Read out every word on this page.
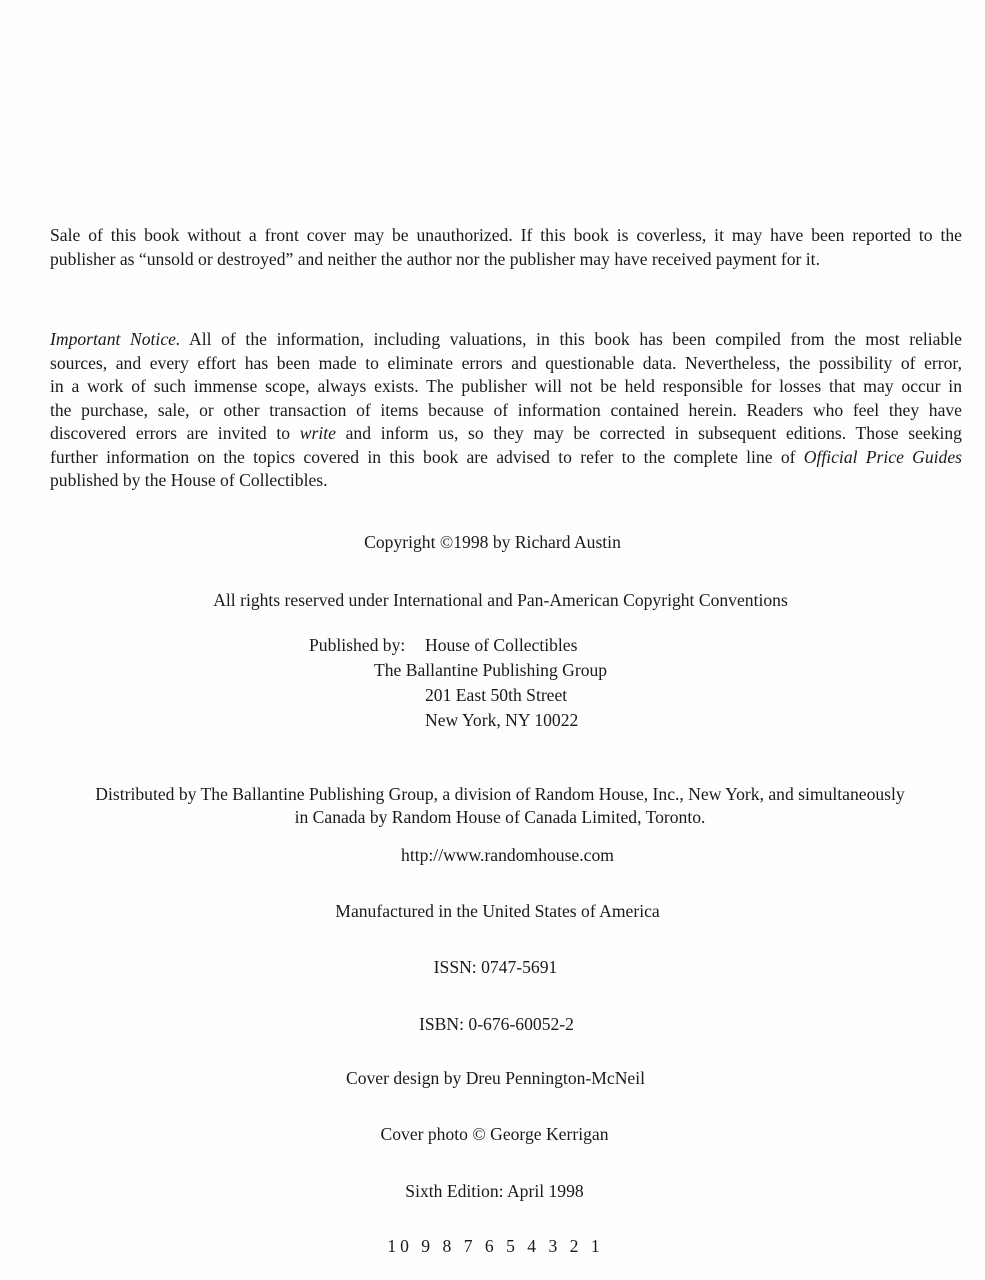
Sale of this book without a front cover may be unauthorized. If this book is coverless, it may have been reported to the
publisher as “unsold or destroyed” and neither the author nor the publisher may have received payment for it.

Important Notice. All of the information, including valuations, in this book has been compiled from the most reliable
sources, and every effort has been made to eliminate errors and questionable data. Nevertheless, the possibility of error,
in a work of such immense scope, always exists. The publisher will not be held responsible for losses that may occur in
the purchase, sale, or other transaction of items because of information contained herein. Readers who feel they have
discovered errors are invited to write and inform us, so they may be corrected in subsequent editions. Those seeking
further information on the topics covered in this book are advised to refer to the complete line of Official Price Guides
published by the House of Collectibles.

Copyright ©1998 by Richard Austin

All rights reserved under International and Pan-American Copyright Conventions

Published by: House of Collectibles
The Ballantine Publishing Group
201 East 50th Street
New York, NY 10022

Distributed by The Ballantine Publishing Group, a division of Random House, Inc., New York, and simultaneously
in Canada by Random House of Canada Limited, Toronto.

http://www.randomhouse.com

Manufactured in the United States of America

ISSN: 0747-5691

ISBN: 0-676-60052-2

Cover design by Dreu Pennington-McNeil

Cover photo © George Kerrigan

Sixth Edition: April 1998

10 9 8 7 6 5 4 3 2 1
